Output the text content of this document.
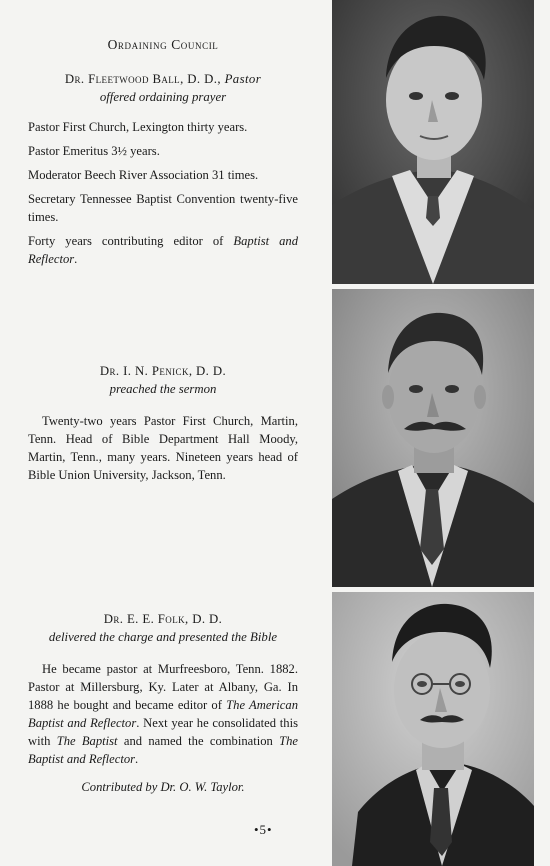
Ordaining Council
Dr. Fleetwood Ball, D. D., Pastor
offered ordaining prayer

Pastor First Church, Lexington thirty years.

Pastor Emeritus 3½ years.

Moderator Beech River Association 31 times.

Secretary Tennessee Baptist Convention twenty-five times.

Forty years contributing editor of Baptist and Reflector.

Dr. I. N. Penick, D. D.
preached the sermon

Twenty-two years Pastor First Church, Martin, Tenn. Head of Bible Department Hall Moody, Martin, Tenn., many years. Nineteen years head of Bible Union University, Jackson, Tenn.

Dr. E. E. Folk, D. D.
delivered the charge and presented the Bible

He became pastor at Murfreesboro, Tenn. 1882. Pastor at Millersburg, Ky. Later at Albany, Ga. In 1888 he bought and became editor of The American Baptist and Reflector. Next year he consolidated this with The Baptist and named the combination The Baptist and Reflector.

Contributed by Dr. O. W. Taylor.

•5•
